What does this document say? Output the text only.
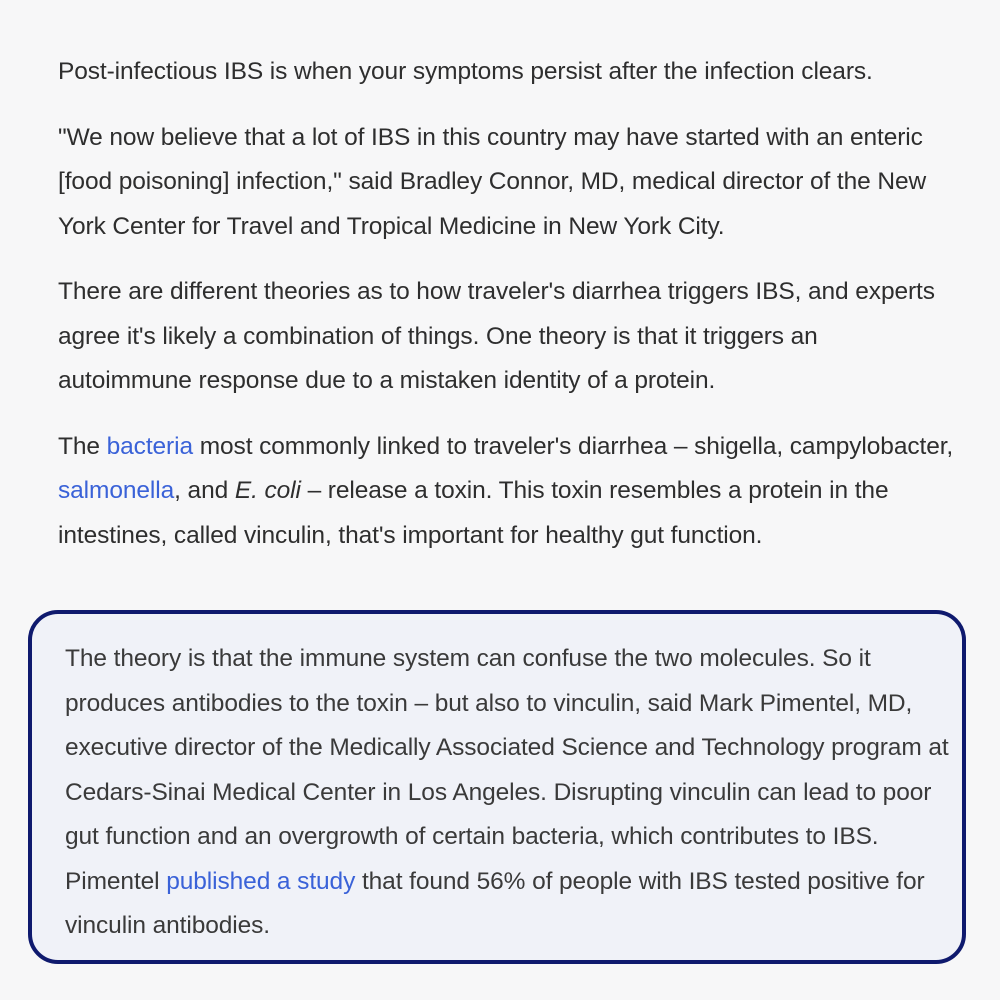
Post-infectious IBS is when your symptoms persist after the infection clears.

"We now believe that a lot of IBS in this country may have started with an enteric [food poisoning] infection," said Bradley Connor, MD, medical director of the New York Center for Travel and Tropical Medicine in New York City.

There are different theories as to how traveler's diarrhea triggers IBS, and experts agree it's likely a combination of things. One theory is that it triggers an autoimmune response due to a mistaken identity of a protein.

The bacteria most commonly linked to traveler's diarrhea – shigella, campylobacter, salmonella, and E. coli – release a toxin. This toxin resembles a protein in the intestines, called vinculin, that's important for healthy gut function.

The theory is that the immune system can confuse the two molecules. So it produces antibodies to the toxin – but also to vinculin, said Mark Pimentel, MD, executive director of the Medically Associated Science and Technology program at Cedars-Sinai Medical Center in Los Angeles. Disrupting vinculin can lead to poor gut function and an overgrowth of certain bacteria, which contributes to IBS. Pimentel published a study that found 56% of people with IBS tested positive for vinculin antibodies.
